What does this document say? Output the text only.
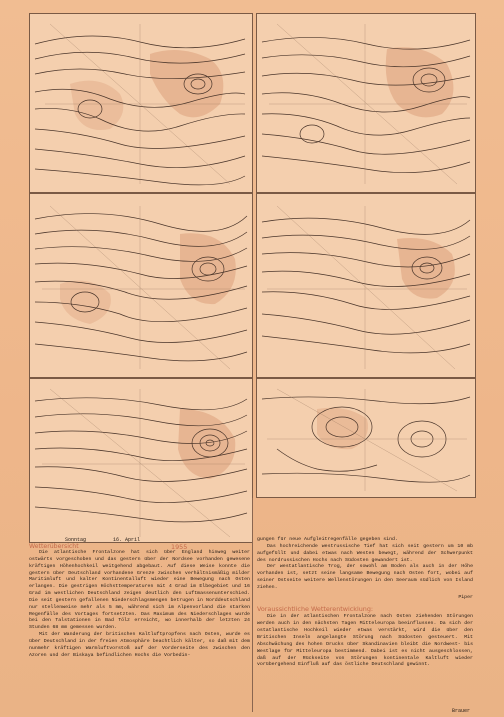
Sonntag         16. April
Wetterübersicht	1955

Die atlantische Frontalzone hat sich über England hinweg weiter ostwärts vorgeschoben und das gestern über der Nordsee vorhanden gewesene kräftigen Höhenhochkeil weitgehend abgebaut. Auf diese Weise konnte die gestern über Deutschland vorhandene Grenze zwischen verhältnismäßig milder Maritimluft und kalter Kontinentalluft wieder eine Bewegung nach Osten erlangen. Die gestrigen Höchsttemperaturen mit 4 Grad im Elbegebiet und 16 Grad im westlichen Deutschland zeigen deutlich den Luftmassenunterschied. Die seit gestern gefallenen Niederschlagsmengen betrugen in Norddeutschland nur stellenweise mehr als 5 mm, während sich im Alpenvorland die starken Regenfälle des Vortages fortsetzten. Das Maximum des Niederschlages wurde bei den Talstationen in Bad Tölz erreicht, wo innerhalb der letzten 24 Stunden 68 mm gemessen wurden.

Mit der Wanderung der britischen Kaltluftpropfens nach Osten, wurde es über Deutschland in der freien Atmosphäre beachtlich kälter, so daß mit dem nunmehr kräftigen Warmluftvorstoß auf der Vorderseite des zwischen den Azoren und der Biskaya befindlichen Hochs die Vorbedin-

gungen für neue Aufgleitregenfälle gegeben sind.

Das hochreichende westrussische Tief hat sich seit gestern um 10 mb aufgefüllt und dabei etwas nach Westen bewegt, während der Schwerpunkt des nordrussischen Hochs nach Südosten gewandert ist.

Der westatlantische Trog, der sowohl am Boden als auch in der Höhe vorhanden ist, setzt seine langsame Bewegung nach Osten fort, wobei auf seiner Ostseite weitere Wellenstörungen in den Seeraum südlich von Island ziehen.

Piper

Voraussichtliche Wetterentwicklung:

Die in der atlantischen Frontalzone nach Osten ziehenden Störungen werden auch in den nächsten Tagen Mitteleuropa beeinflussen. Da sich der ostatlantische Hochkeil wieder etwas verstärkt, wird die über den Britischen Inseln angelangte Störung nach Südosten gesteuert. Mit Abschwächung des hohen Drucks über Skandinavien bleibt die Nordwest- bis Westlage für Mitteleuropa bestimmend. Dabei ist es nicht ausgeschlossen, daß auf der Rückseite von Störungen kontinentale Kaltluft wieder vorübergehend Einfluß auf das östliche Deutschland gewinnt.

Brauer
